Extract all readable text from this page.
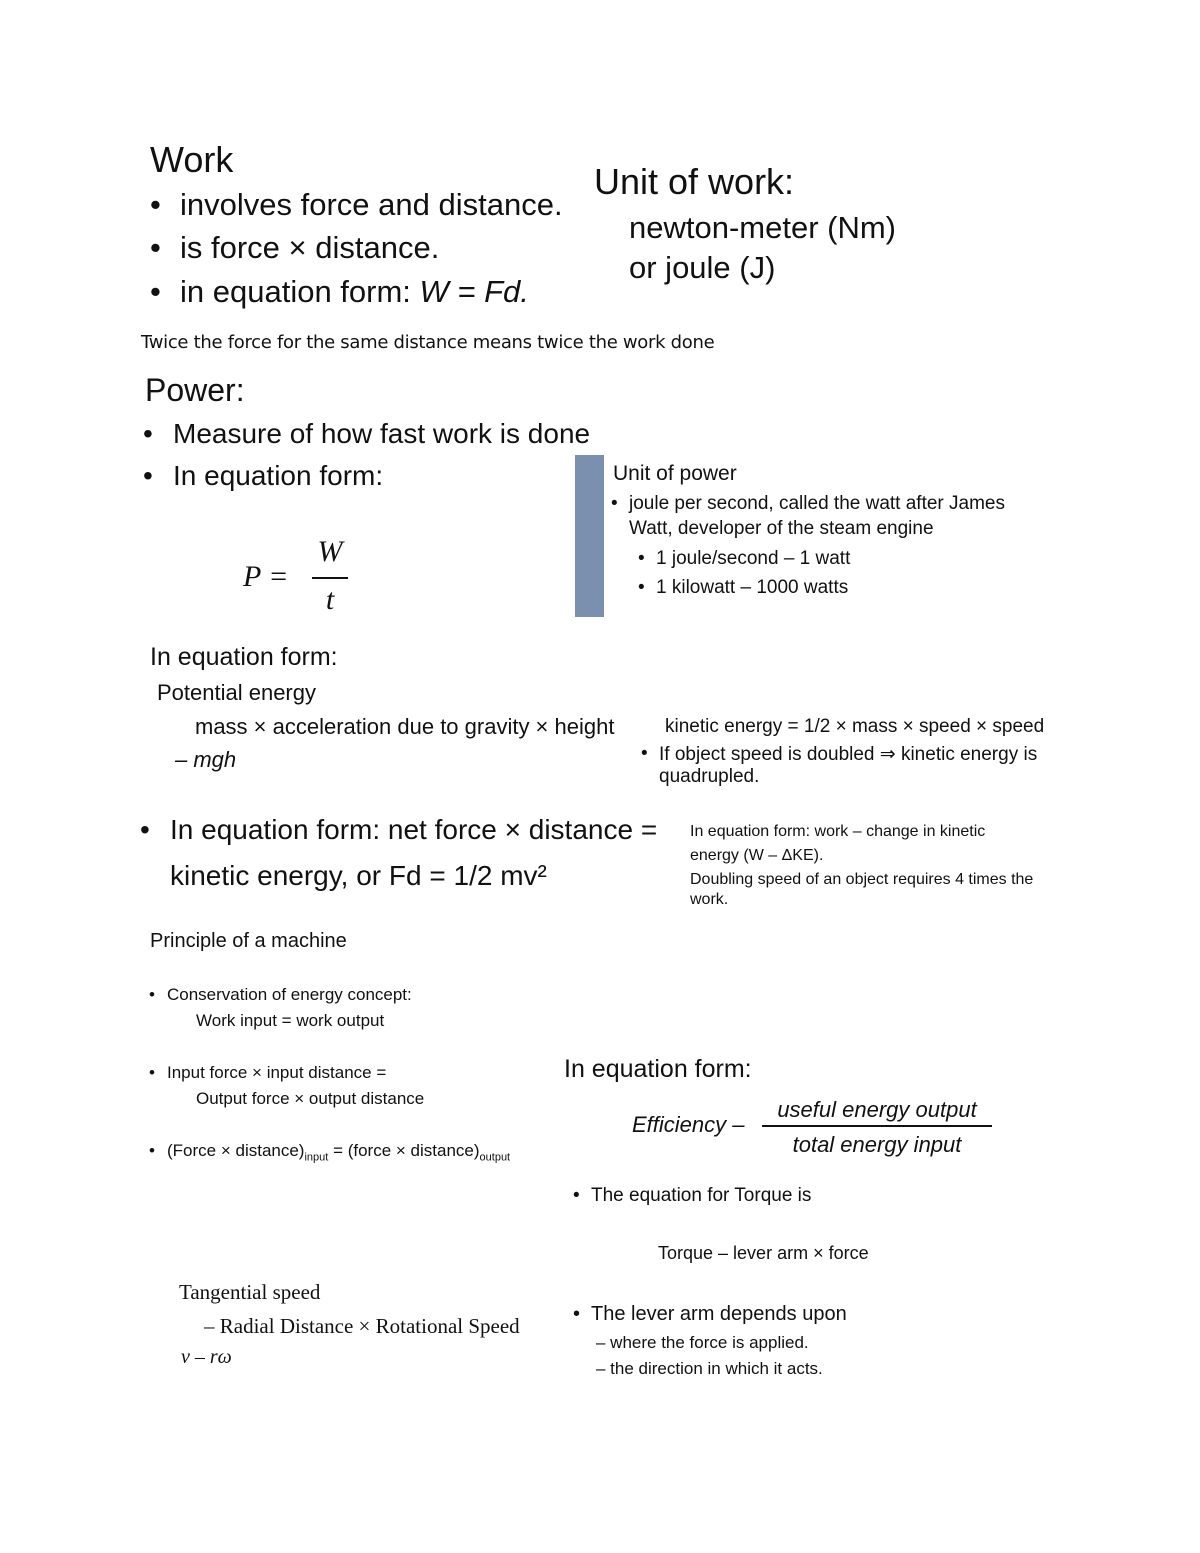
Work
• involves force and distance.
• is force × distance.
• in equation form: W = Fd.
Unit of work:
newton-meter (Nm)
or joule (J)
Twice the force for the same distance means twice the work done
Power:
• Measure of how fast work is done
• In equation form:
P =
W
t
Unit of power
• joule per second, called the watt after James
Watt, developer of the steam engine
• 1 joule/second – 1 watt
• 1 kilowatt – 1000 watts
In equation form:
Potential energy
mass × acceleration due to gravity × height
– mgh
kinetic energy = 1/2 × mass × speed × speed
• If object speed is doubled ⇒ kinetic energy is
quadrupled.
• In equation form: net force × distance =
kinetic energy, or Fd = 1/2 mv²
In equation form: work – change in kinetic
energy (W – ΔKE).
Doubling speed of an object requires 4 times the
work.
Principle of a machine
• Conservation of energy concept:
Work input = work output
• Input force × input distance =
Output force × output distance
• (Force × $distance)_{input}$ = (force × $distance)_{output}$
In equation form:
Efficiency –
useful energy output
total energy input
• The equation for Torque is
Torque – lever arm × force
• The lever arm depends upon
– where the force is applied.
– the direction in which it acts.
Tangential speed
– Radial Distance × Rotational Speed
v – rω
